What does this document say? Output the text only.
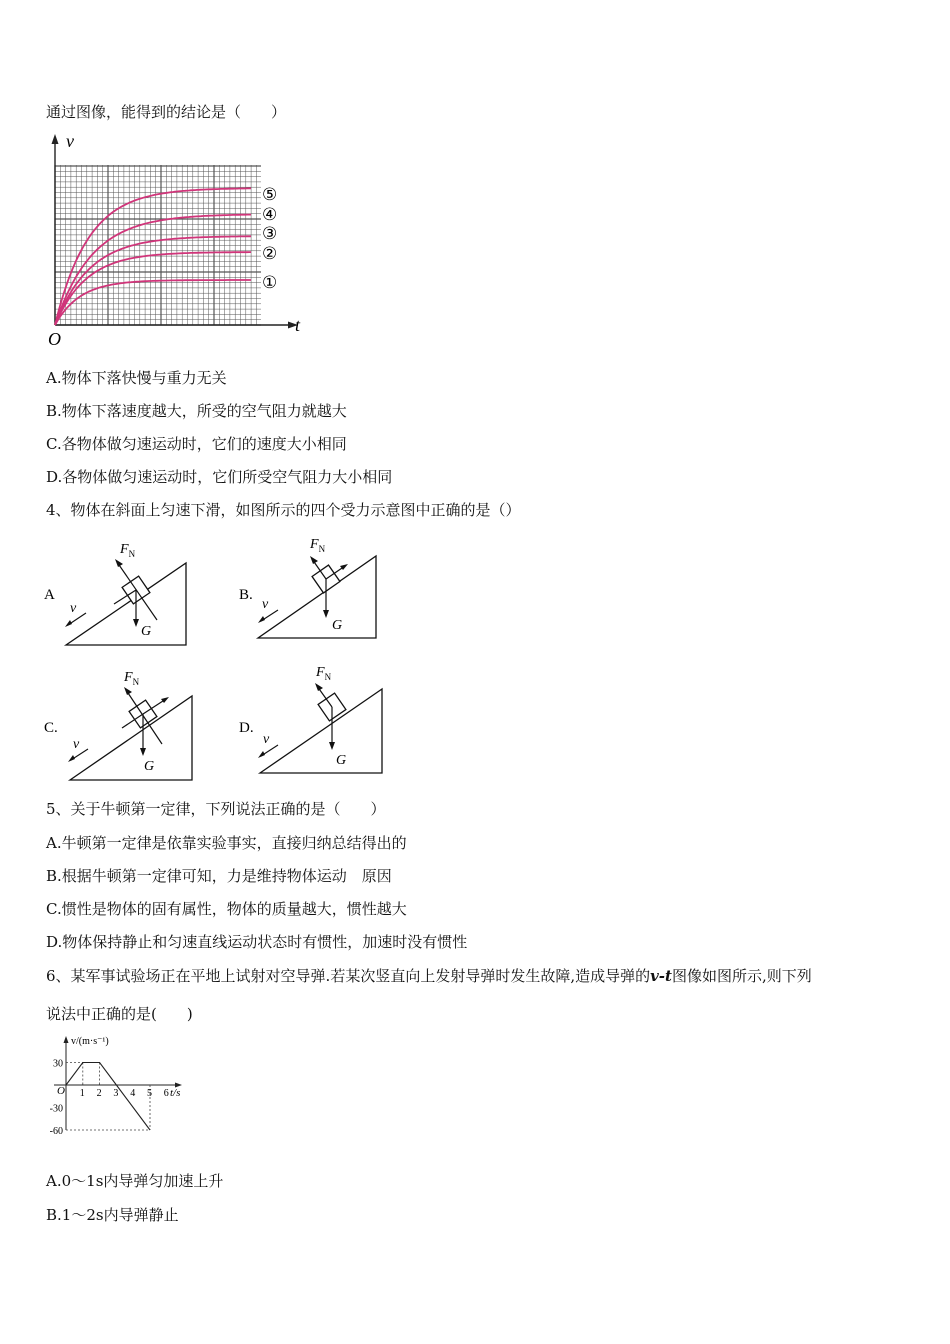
通过图像，能得到的结论是（　　）
v
t
O
⑤
④
③
②
①
A.物体下落快慢与重力无关
B.物体下落速度越大，所受的空气阻力就越大
C.各物体做匀速运动时，它们的速度大小相同
D.各物体做匀速运动时，它们所受空气阻力大小相同
4、物体在斜面上匀速下滑，如图所示的四个受力示意图中正确的是（）
A
$F_N$
G
v
B.
$F_N$
G
v
C.
$F_N$
G
v
D.
$F_N$
G
v
5、关于牛顿第一定律，下列说法正确的是（　　）
A.牛顿第一定律是依靠实验事实，直接归纳总结得出的
B.根据牛顿第一定律可知，力是维持物体运动　原因
C.惯性是物体的固有属性，物体的质量越大，惯性越大
D.物体保持静止和匀速直线运动状态时有惯性，加速时没有惯性
6、某军事试验场正在平地上试射对空导弹.若某次竖直向上发射导弹时发生故障,造成导弹的v-t图像如图所示,则下列
说法中正确的是(　　)
v/(m·s⁻¹)
t/s
O 1 2 3 4 5 6
30
-30
-60
A.0～1s内导弹匀加速上升
B.1～2s内导弹静止
